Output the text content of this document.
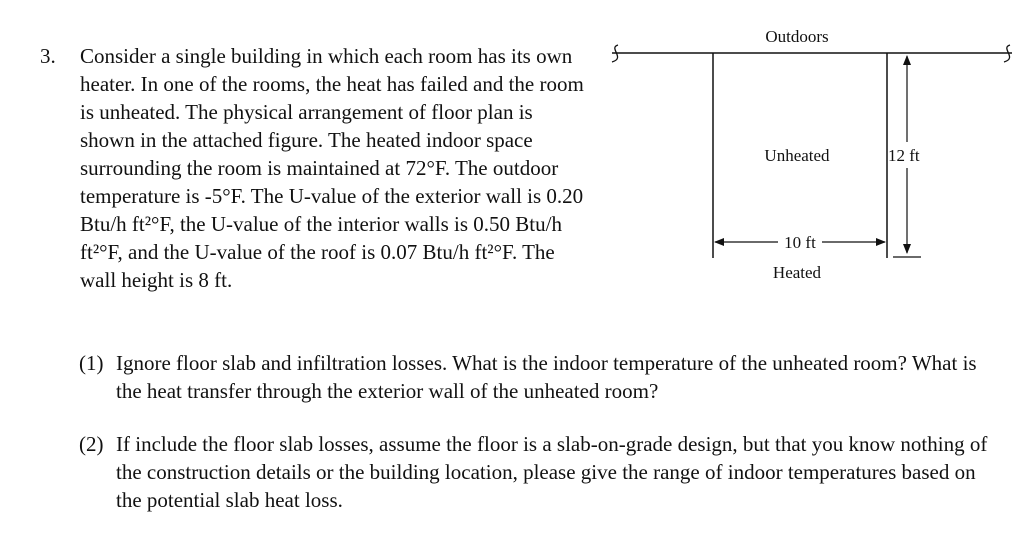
3. Consider a single building in which each room has its own heater. In one of the rooms, the heat has failed and the room is unheated. The physical arrangement of floor plan is shown in the attached figure. The heated indoor space surrounding the room is maintained at 72°F. The outdoor temperature is -5°F. The U-value of the exterior wall is 0.20 Btu/h ft²°F, the U-value of the interior walls is 0.50 Btu/h ft²°F, and the U-value of the roof is 0.07 Btu/h ft²°F. The wall height is 8 ft.

10 ft
12 ft
Outdoors
Unheated
Heated
(1) Ignore floor slab and infiltration losses. What is the indoor temperature of the unheated room? What is the heat transfer through the exterior wall of the unheated room?
(2) If include the floor slab losses, assume the floor is a slab-on-grade design, but that you know nothing of the construction details or the building location, please give the range of indoor temperatures based on the potential slab heat loss.
